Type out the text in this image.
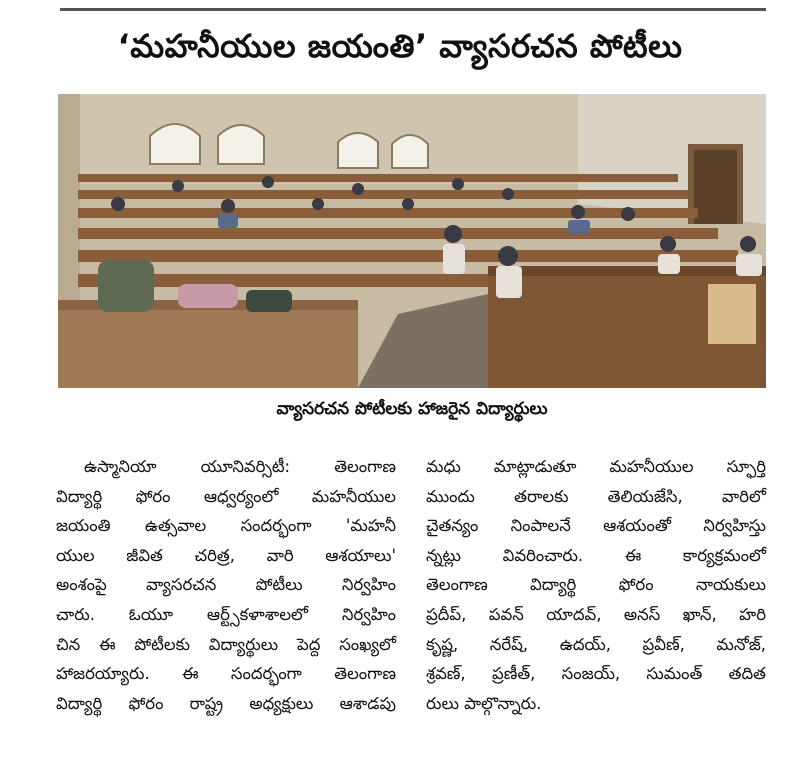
‘మహనీయుల జయంతి’ వ్యాసరచన పోటీలు
వ్యాసరచన పోటీలకు హాజరైన విద్యార్థులు
ఉస్మానియా యూనివర్సిటీ: తెలంగాణ
విద్యార్థి ఫోరం ఆధ్వర్యంలో మహనీయుల
జయంతి ఉత్సవాల సందర్భంగా 'మహనీ
యుల జీవిత చరిత్ర, వారి ఆశయాలు'
అంశంపై వ్యాసరచన పోటీలు నిర్వహిం
చారు. ఓయూ ఆర్ట్స్‌కళాశాలలో నిర్వహిం
చిన ఈ పోటీలకు విద్యార్థులు పెద్ద సంఖ్యలో
హాజరయ్యారు. ఈ సందర్భంగా తెలంగాణ
విద్యార్థి ఫోరం రాష్ట్ర అధ్యక్షులు ఆశాడపు
మధు మాట్లాడుతూ మహనీయుల స్ఫూర్తి
ముందు తరాలకు తెలియజేసి, వారిలో
చైతన్యం నింపాలనే ఆశయంతో నిర్వహిస్తు
న్నట్లు వివరించారు. ఈ కార్యక్రమంలో
తెలంగాణ విద్యార్థి ఫోరం నాయకులు
ప్రదీప్, పవన్ యాదవ్, అనస్ ఖాన్, హరి
కృష్ణ, నరేష్, ఉదయ్, ప్రవీణ్, మనోజ్,
శ్రవణ్, ప్రణీత్, సంజయ్, సుమంత్ తదిత
రులు పాల్గొన్నారు.
